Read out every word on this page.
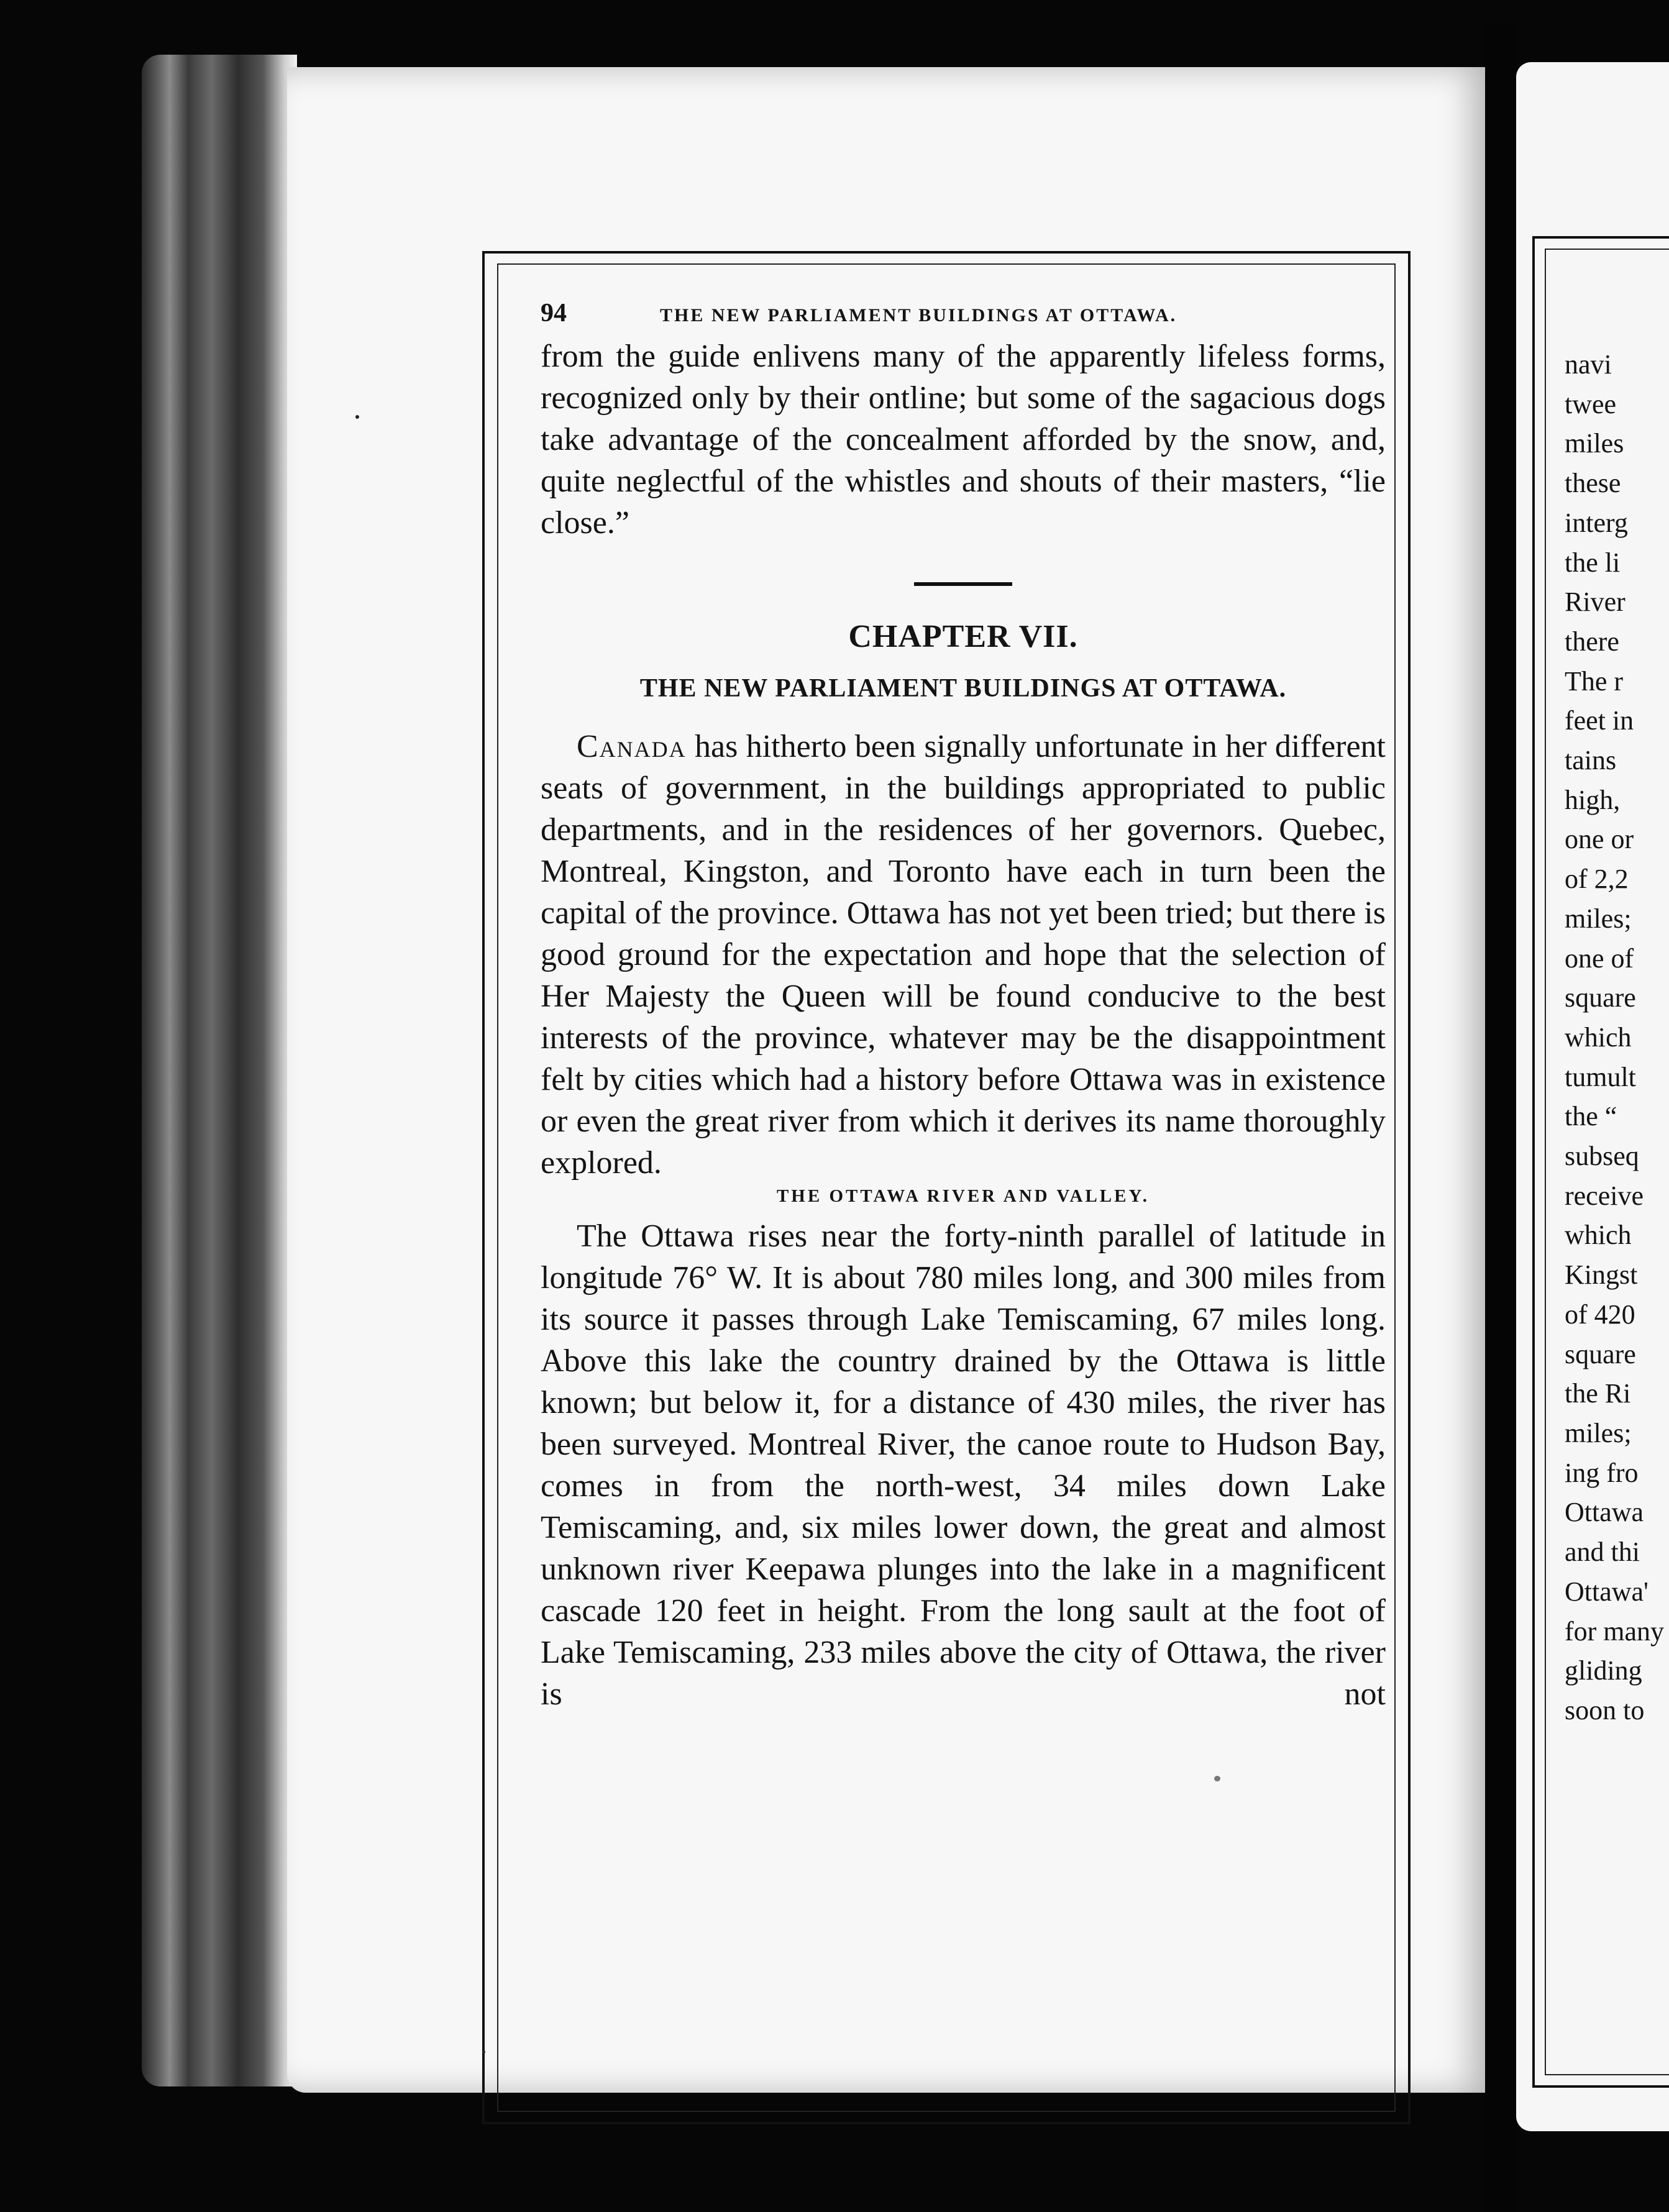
94	THE NEW PARLIAMENT BUILDINGS AT OTTAWA.

from the guide enlivens many of the apparently lifeless forms, recognized only by their ontline; but some of the sagacious dogs take advantage of the concealment afforded by the snow, and, quite neglectful of the whistles and shouts of their masters, “lie close.”

CHAPTER VII.
THE NEW PARLIAMENT BUILDINGS AT OTTAWA.

Canada has hitherto been signally unfortunate in her different seats of government, in the buildings appropriated to public departments, and in the residences of her governors. Quebec, Montreal, Kingston, and Toronto have each in turn been the capital of the province. Ottawa has not yet been tried; but there is good ground for the expectation and hope that the selection of Her Majesty the Queen will be found conducive to the best interests of the province, whatever may be the disappointment felt by cities which had a history before Ottawa was in existence or even the great river from which it derives its name thoroughly explored.

THE OTTAWA RIVER AND VALLEY.

The Ottawa rises near the forty-ninth parallel of latitude in longitude 76° W. It is about 780 miles long, and 300 miles from its source it passes through Lake Temiscaming, 67 miles long. Above this lake the country drained by the Ottawa is little known; but below it, for a distance of 430 miles, the river has been surveyed. Montreal River, the canoe route to Hudson Bay, comes in from the north-west, 34 miles down Lake Temiscaming, and, six miles lower down, the great and almost unknown river Keepawa plunges into the lake in a magnificent cascade 120 feet in height. From the long sault at the foot of Lake Temiscaming, 233 miles above the city of Ottawa, the river is not

navi
twee
miles
these
interg
the li
River
there
The r
feet in
tains
high,
one or
of 2,2
miles;
one of
square
which
tumult
the “
subseq
receive
which
Kingst
of 420
square
the Ri
miles;
ing fro
Ottawa
and thi
Ottawa'
for many
gliding
soon to
